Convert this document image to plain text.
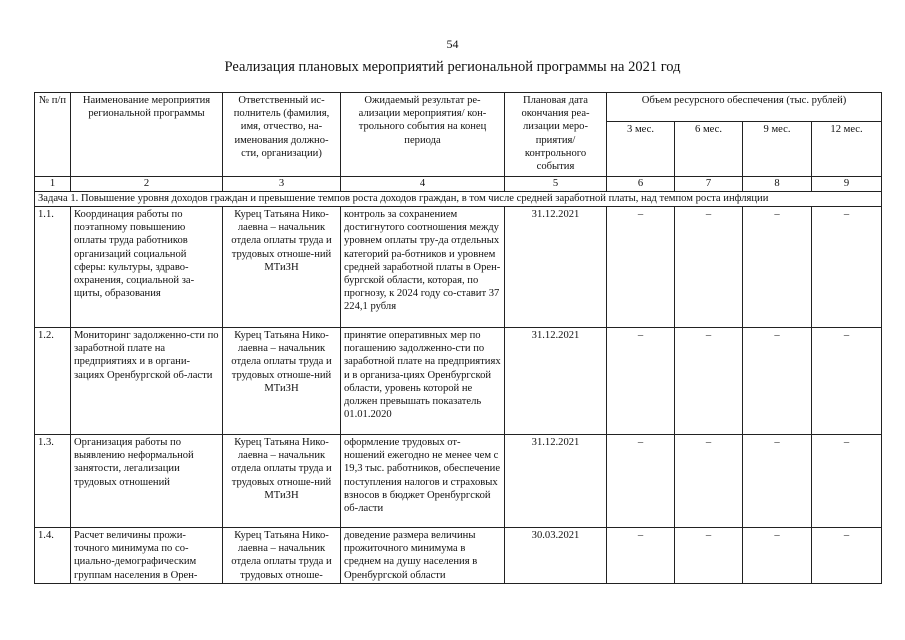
54
Реализация плановых мероприятий региональной программы на 2021 год
№ п/п	Наименование мероприятия региональной программы	Ответственный ис-полнитель (фамилия, имя, отчество, на-именования должно-сти, организации)	Ожидаемый результат ре-ализации мероприятия/ кон-трольного события на конец периода	Плановая дата окончания реа-лизации меро-приятия/ контрольного события	Объем ресурсного обеспечения (тыс. рублей)			
					3 мес.	6 мес.	9 мес.	12 мес.
1	2	3	4	5	6	7	8	9
Задача 1. Повышение уровня доходов граждан и превышение темпов роста доходов граждан, в том числе средней заработной платы, над темпом роста инфляции								
1.1.	Координация работы по поэтапному повышению оплаты труда работников организаций социальной сферы: культуры, здраво-охранения, социальной за-щиты, образования	Курец Татьяна Нико-лаевна – начальник отдела оплаты труда и трудовых отноше-ний МТиЗН	контроль за сохранением достигнутого соотношения между уровнем оплаты тру-да отдельных категорий ра-ботников и уровнем средней заработной платы в Орен-бургской области, которая, по прогнозу, к 2024 году со-ставит 37 224,1 рубля	31.12.2021	–	–	–	–
1.2.	Мониторинг задолженно-сти по заработной плате на предприятиях и в органи-зациях Оренбургской об-ласти	Курец Татьяна Нико-лаевна – начальник отдела оплаты труда и трудовых отноше-ний МТиЗН	принятие оперативных мер по погашению задолженно-сти по заработной плате на предприятиях и в организа-циях Оренбургской области, уровень которой не должен превышать показатель 01.01.2020	31.12.2021	–	–	–	–
1.3.	Организация работы по выявлению неформальной занятости, легализации трудовых отношений	Курец Татьяна Нико-лаевна – начальник отдела оплаты труда и трудовых отноше-ний МТиЗН	оформление трудовых от-ношений ежегодно не менее чем с 19,3 тыс. работников, обеспечение поступления налогов и страховых взносов в бюджет Оренбургской об-ласти	31.12.2021	–	–	–	–
1.4.	Расчет величины прожи-точного минимума по со-циально-демографическим группам населения в Орен-	Курец Татьяна Нико-лаевна – начальник отдела оплаты труда и трудовых отноше-	доведение размера величины прожиточного минимума в среднем на душу населения в Оренбургской области	30.03.2021	–	–	–	–
